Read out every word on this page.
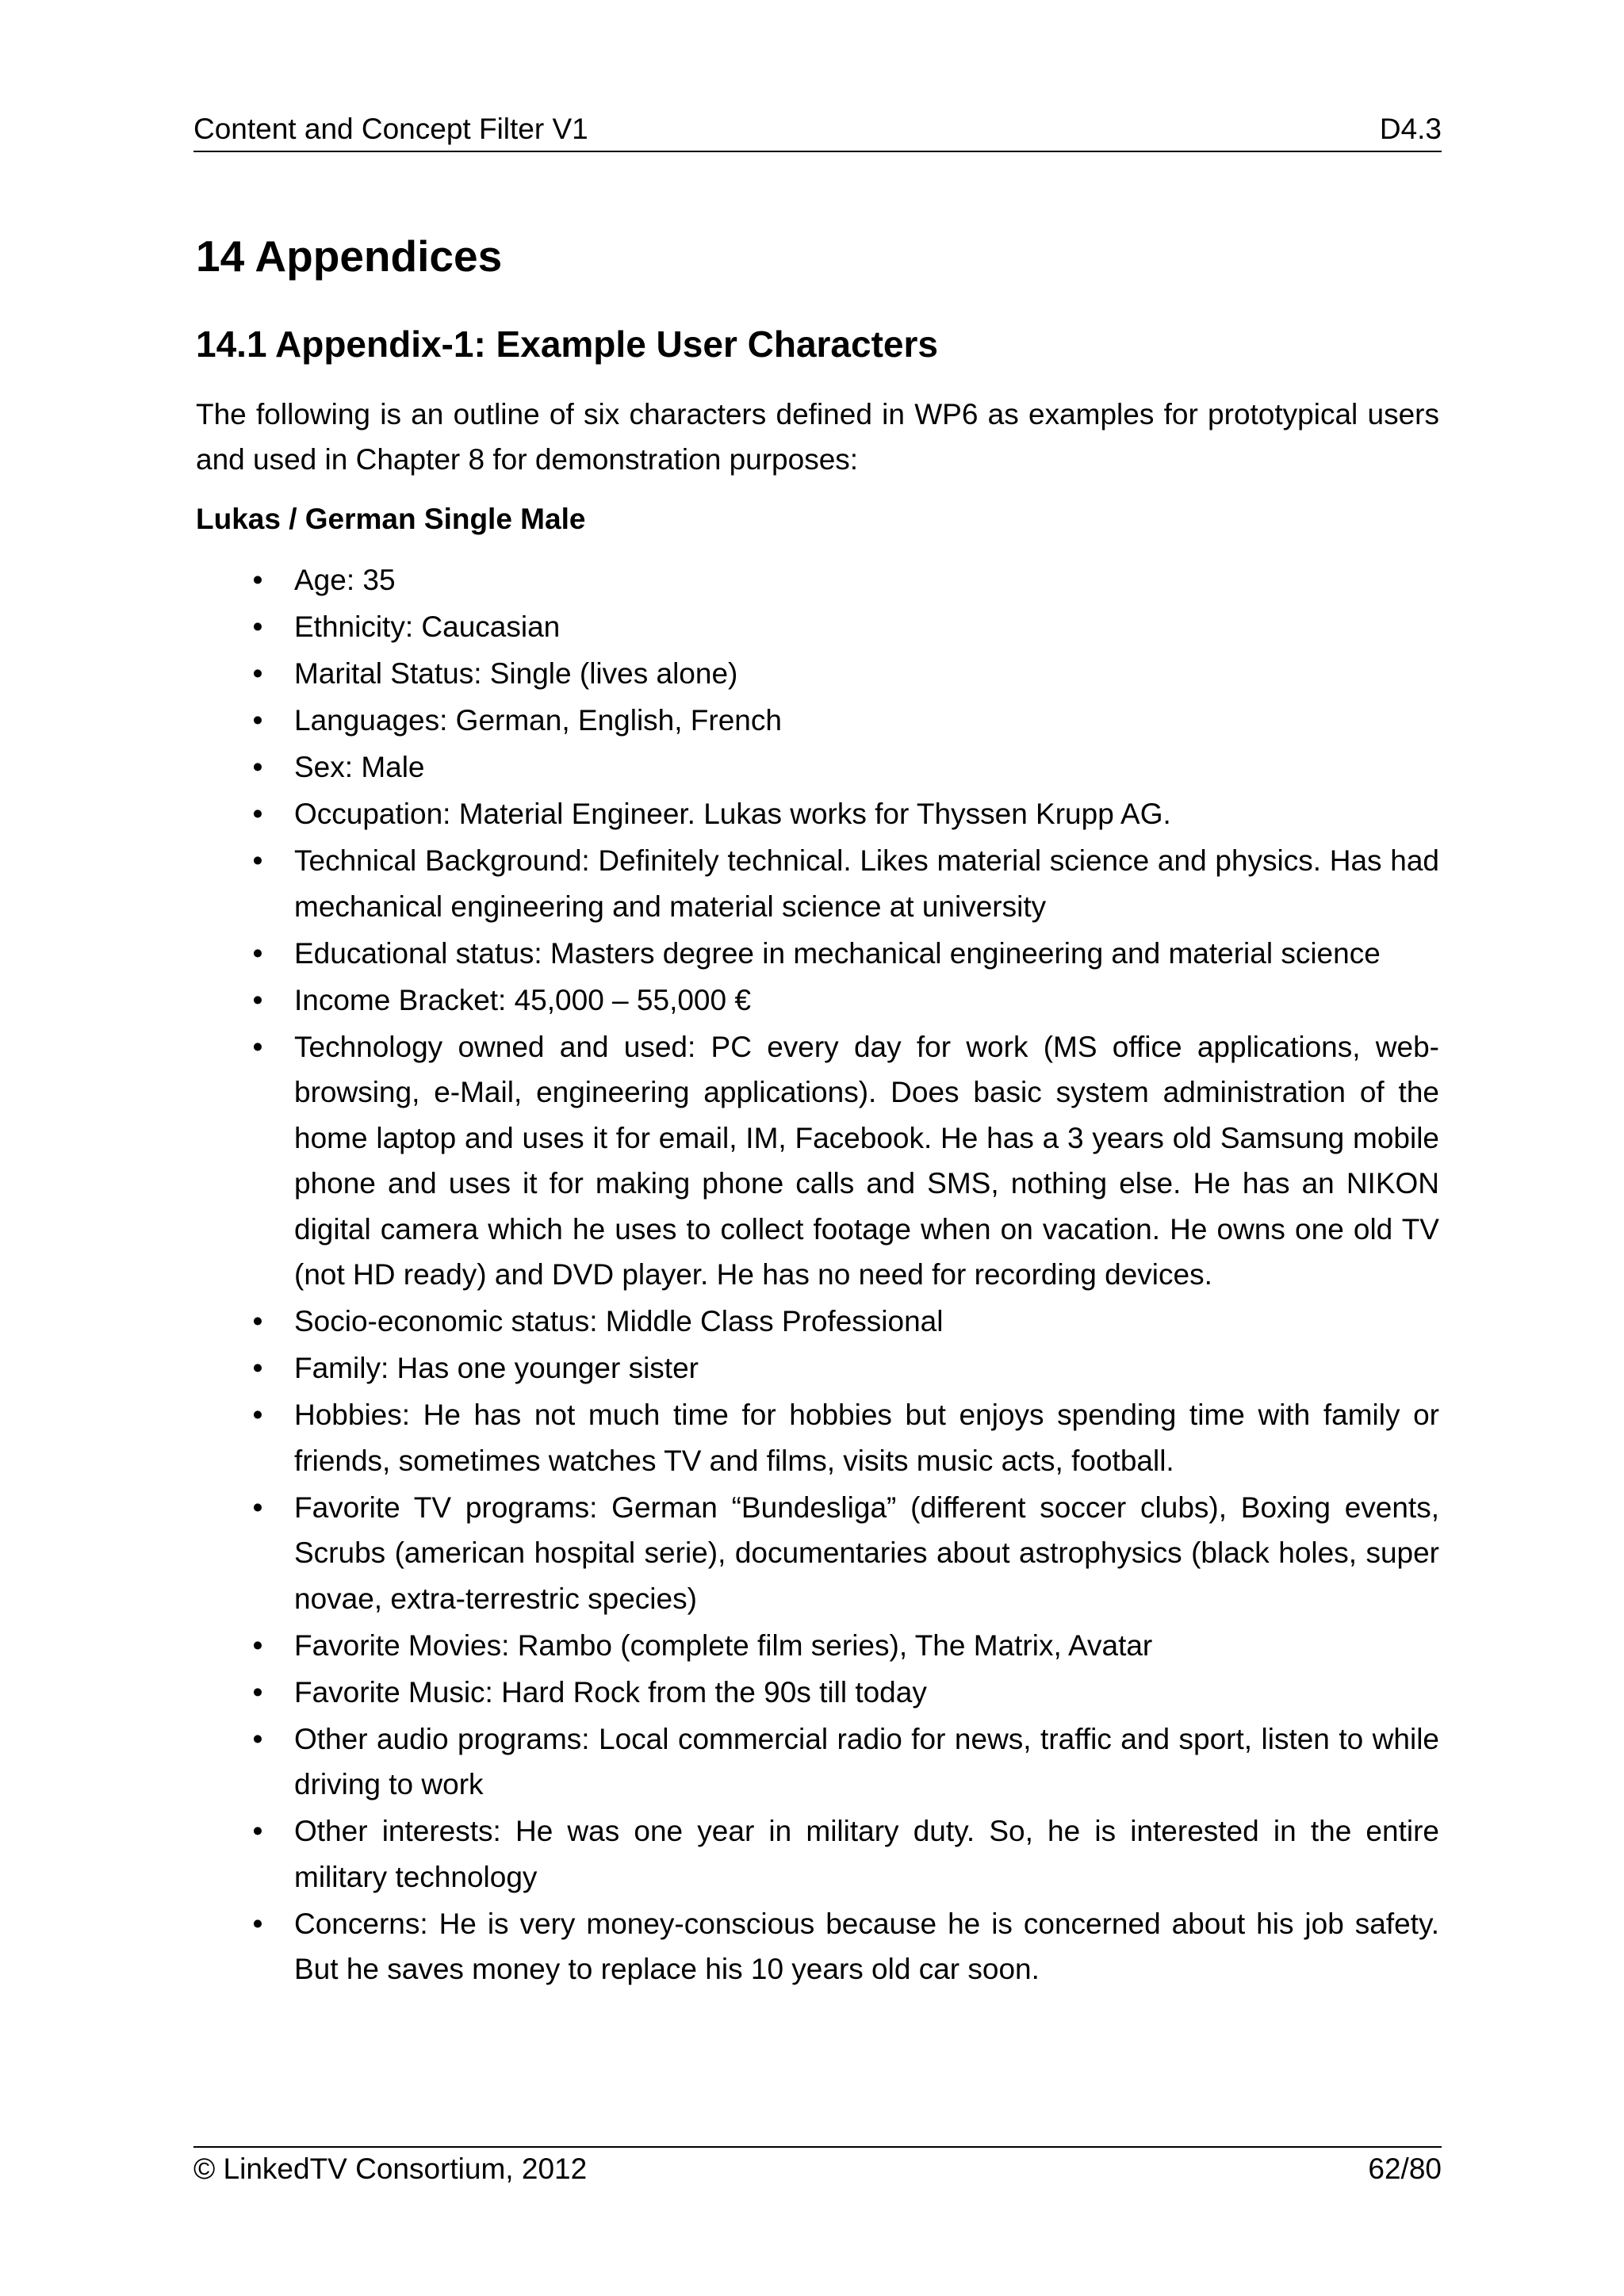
Content and Concept Filter V1	D4.3
14 Appendices
14.1 Appendix-1: Example User Characters

The following is an outline of six characters defined in WP6 as examples for prototypical users and used in Chapter 8 for demonstration purposes:

Lukas / German Single Male
• Age: 35
• Ethnicity: Caucasian
• Marital Status: Single (lives alone)
• Languages: German, English, French
• Sex: Male
• Occupation: Material Engineer. Lukas works for Thyssen Krupp AG.
• Technical Background: Definitely technical. Likes material science and physics. Has had mechanical engineering and material science at university
• Educational status: Masters degree in mechanical engineering and material science
• Income Bracket: 45,000 – 55,000 €
• Technology owned and used: PC every day for work (MS office applications, web-browsing, e-Mail, engineering applications). Does basic system administration of the home laptop and uses it for email, IM, Facebook. He has a 3 years old Samsung mobile phone and uses it for making phone calls and SMS, nothing else. He has an NIKON digital camera which he uses to collect footage when on vacation. He owns one old TV (not HD ready) and DVD player. He has no need for recording devices.
• Socio-economic status: Middle Class Professional
• Family: Has one younger sister
• Hobbies: He has not much time for hobbies but enjoys spending time with family or friends, sometimes watches TV and films, visits music acts, football.
• Favorite TV programs: German “Bundesliga” (different soccer clubs), Boxing events, Scrubs (american hospital serie), documentaries about astrophysics (black holes, super novae, extra-terrestric species)
• Favorite Movies: Rambo (complete film series), The Matrix, Avatar
• Favorite Music: Hard Rock from the 90s till today
• Other audio programs: Local commercial radio for news, traffic and sport, listen to while driving to work
• Other interests: He was one year in military duty. So, he is interested in the entire military technology
• Concerns: He is very money-conscious because he is concerned about his job safety. But he saves money to replace his 10 years old car soon.
© LinkedTV Consortium, 2012	62/80
